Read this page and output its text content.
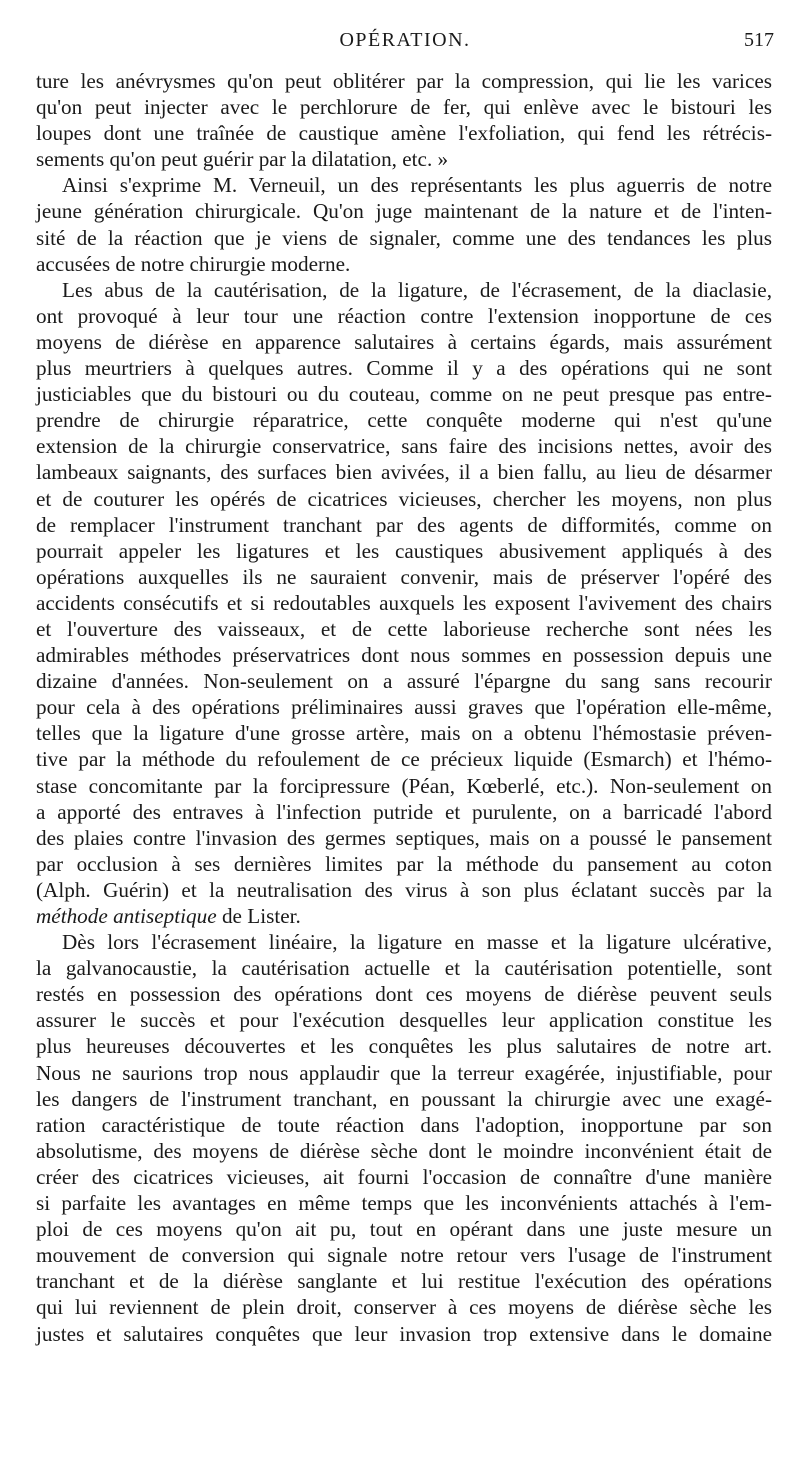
OPÉRATION.	517

ture les anévrysmes qu'on peut oblitérer par la compression, qui lie les varices
qu'on peut injecter avec le perchlorure de fer, qui enlève avec le bistouri les
loupes dont une traînée de caustique amène l'exfoliation, qui fend les rétrécis-
sements qu'on peut guérir par la dilatation, etc. »

Ainsi s'exprime M. Verneuil, un des représentants les plus aguerris de notre
jeune génération chirurgicale. Qu'on juge maintenant de la nature et de l'inten-
sité de la réaction que je viens de signaler, comme une des tendances les plus
accusées de notre chirurgie moderne.

Les abus de la cautérisation, de la ligature, de l'écrasement, de la diaclasie,
ont provoqué à leur tour une réaction contre l'extension inopportune de ces
moyens de diérèse en apparence salutaires à certains égards, mais assurément
plus meurtriers à quelques autres. Comme il y a des opérations qui ne sont
justiciables que du bistouri ou du couteau, comme on ne peut presque pas entre-
prendre de chirurgie réparatrice, cette conquête moderne qui n'est qu'une
extension de la chirurgie conservatrice, sans faire des incisions nettes, avoir des
lambeaux saignants, des surfaces bien avivées, il a bien fallu, au lieu de désarmer
et de couturer les opérés de cicatrices vicieuses, chercher les moyens, non plus
de remplacer l'instrument tranchant par des agents de difformités, comme on
pourrait appeler les ligatures et les caustiques abusivement appliqués à des
opérations auxquelles ils ne sauraient convenir, mais de préserver l'opéré des
accidents consécutifs et si redoutables auxquels les exposent l'avivement des chairs
et l'ouverture des vaisseaux, et de cette laborieuse recherche sont nées les
admirables méthodes préservatrices dont nous sommes en possession depuis une
dizaine d'années. Non-seulement on a assuré l'épargne du sang sans recourir
pour cela à des opérations préliminaires aussi graves que l'opération elle-même,
telles que la ligature d'une grosse artère, mais on a obtenu l'hémostasie préven-
tive par la méthode du refoulement de ce précieux liquide (Esmarch) et l'hémo-
stase concomitante par la forcipressure (Péan, Kœberlé, etc.). Non-seulement on
a apporté des entraves à l'infection putride et purulente, on a barricadé l'abord
des plaies contre l'invasion des germes septiques, mais on a poussé le pansement
par occlusion à ses dernières limites par la méthode du pansement au coton
(Alph. Guérin) et la neutralisation des virus à son plus éclatant succès par la
méthode antiseptique de Lister.

Dès lors l'écrasement linéaire, la ligature en masse et la ligature ulcérative,
la galvanocaustie, la cautérisation actuelle et la cautérisation potentielle, sont
restés en possession des opérations dont ces moyens de diérèse peuvent seuls
assurer le succès et pour l'exécution desquelles leur application constitue les
plus heureuses découvertes et les conquêtes les plus salutaires de notre art.
Nous ne saurions trop nous applaudir que la terreur exagérée, injustifiable, pour
les dangers de l'instrument tranchant, en poussant la chirurgie avec une exagé-
ration caractéristique de toute réaction dans l'adoption, inopportune par son
absolutisme, des moyens de diérèse sèche dont le moindre inconvénient était de
créer des cicatrices vicieuses, ait fourni l'occasion de connaître d'une manière
si parfaite les avantages en même temps que les inconvénients attachés à l'em-
ploi de ces moyens qu'on ait pu, tout en opérant dans une juste mesure un
mouvement de conversion qui signale notre retour vers l'usage de l'instrument
tranchant et de la diérèse sanglante et lui restitue l'exécution des opérations
qui lui reviennent de plein droit, conserver à ces moyens de diérèse sèche les
justes et salutaires conquêtes que leur invasion trop extensive dans le domaine
